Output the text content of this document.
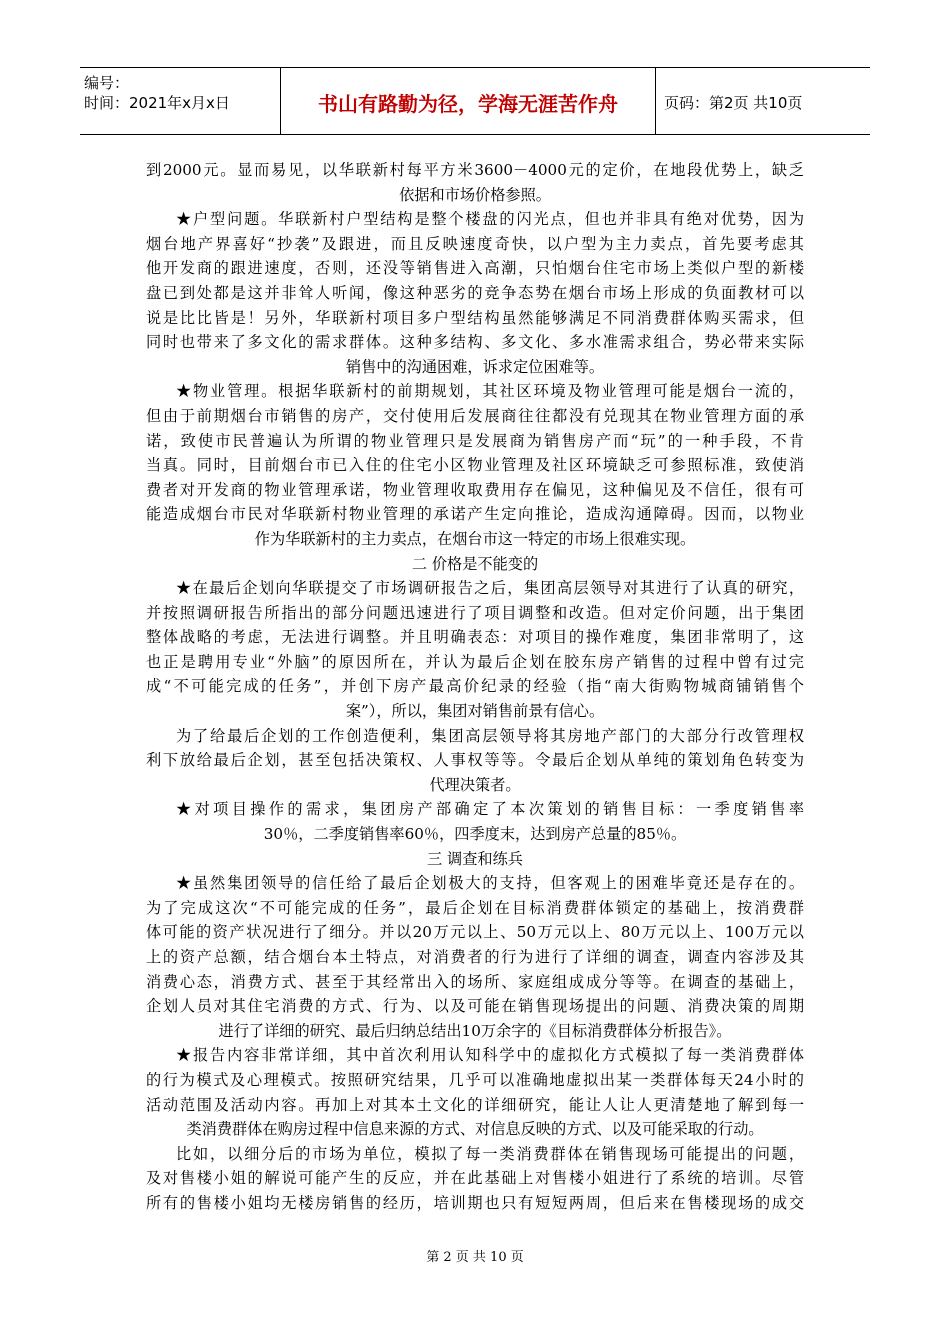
编号：
时间：2021年x月x日	书山有路勤为径，学海无涯苦作舟	页码：第2页 共10页
到2000元。显而易见，以华联新村每平方米3600－4000元的定价，在地段优势上，缺乏
依据和市场价格参照。
★户型问题。华联新村户型结构是整个楼盘的闪光点，但也并非具有绝对优势，因为
烟台地产界喜好“抄袭”及跟进，而且反映速度奇快，以户型为主力卖点，首先要考虑其
他开发商的跟进速度，否则，还没等销售进入高潮，只怕烟台住宅市场上类似户型的新楼
盘已到处都是这并非耸人听闻，像这种恶劣的竞争态势在烟台市场上形成的负面教材可以
说是比比皆是！另外，华联新村项目多户型结构虽然能够满足不同消费群体购买需求，但
同时也带来了多文化的需求群体。这种多结构、多文化、多水准需求组合，势必带来实际
销售中的沟通困难，诉求定位困难等。
★物业管理。根据华联新村的前期规划，其社区环境及物业管理可能是烟台一流的，
但由于前期烟台市销售的房产，交付使用后发展商往往都没有兑现其在物业管理方面的承
诺，致使市民普遍认为所谓的物业管理只是发展商为销售房产而“玩”的一种手段，不肯
当真。同时，目前烟台市已入住的住宅小区物业管理及社区环境缺乏可参照标准，致使消
费者对开发商的物业管理承诺，物业管理收取费用存在偏见，这种偏见及不信任，很有可
能造成烟台市民对华联新村物业管理的承诺产生定向推论，造成沟通障碍。因而，以物业
作为华联新村的主力卖点，在烟台市这一特定的市场上很难实现。
二 价格是不能变的
★在最后企划向华联提交了市场调研报告之后，集团高层领导对其进行了认真的研究，
并按照调研报告所指出的部分问题迅速进行了项目调整和改造。但对定价问题，出于集团
整体战略的考虑，无法进行调整。并且明确表态：对项目的操作难度，集团非常明了，这
也正是聘用专业“外脑”的原因所在，并认为最后企划在胶东房产销售的过程中曾有过完
成“不可能完成的任务”，并创下房产最高价纪录的经验（指“南大街购物城商铺销售个
案”），所以，集团对销售前景有信心。
为了给最后企划的工作创造便利，集团高层领导将其房地产部门的大部分行改管理权
利下放给最后企划，甚至包括决策权、人事权等等。令最后企划从单纯的策划角色转变为
代理决策者。
★对项目操作的需求，集团房产部确定了本次策划的销售目标：一季度销售率
30％，二季度销售率60％，四季度末，达到房产总量的85％。
三 调查和练兵
★虽然集团领导的信任给了最后企划极大的支持，但客观上的困难毕竟还是存在的。
为了完成这次“不可能完成的任务”，最后企划在目标消费群体锁定的基础上，按消费群
体可能的资产状况进行了细分。并以20万元以上、50万元以上、80万元以上、100万元以
上的资产总额，结合烟台本土特点，对消费者的行为进行了详细的调查，调查内容涉及其
消费心态，消费方式、甚至于其经常出入的场所、家庭组成成分等等。在调查的基础上，
企划人员对其住宅消费的方式、行为、以及可能在销售现场提出的问题、消费决策的周期
进行了详细的研究、最后归纳总结出10万余字的《目标消费群体分析报告》。
★报告内容非常详细，其中首次利用认知科学中的虚拟化方式模拟了每一类消费群体
的行为模式及心理模式。按照研究结果，几乎可以准确地虚拟出某一类群体每天24小时的
活动范围及活动内容。再加上对其本土文化的详细研究，能让人让人更清楚地了解到每一
类消费群体在购房过程中信息来源的方式、对信息反映的方式、以及可能采取的行动。
比如，以细分后的市场为单位，模拟了每一类消费群体在销售现场可能提出的问题，
及对售楼小姐的解说可能产生的反应，并在此基础上对售楼小姐进行了系统的培训。尽管
所有的售楼小姐均无楼房销售的经历，培训期也只有短短两周，但后来在售楼现场的成交
第 2 页 共 10 页
